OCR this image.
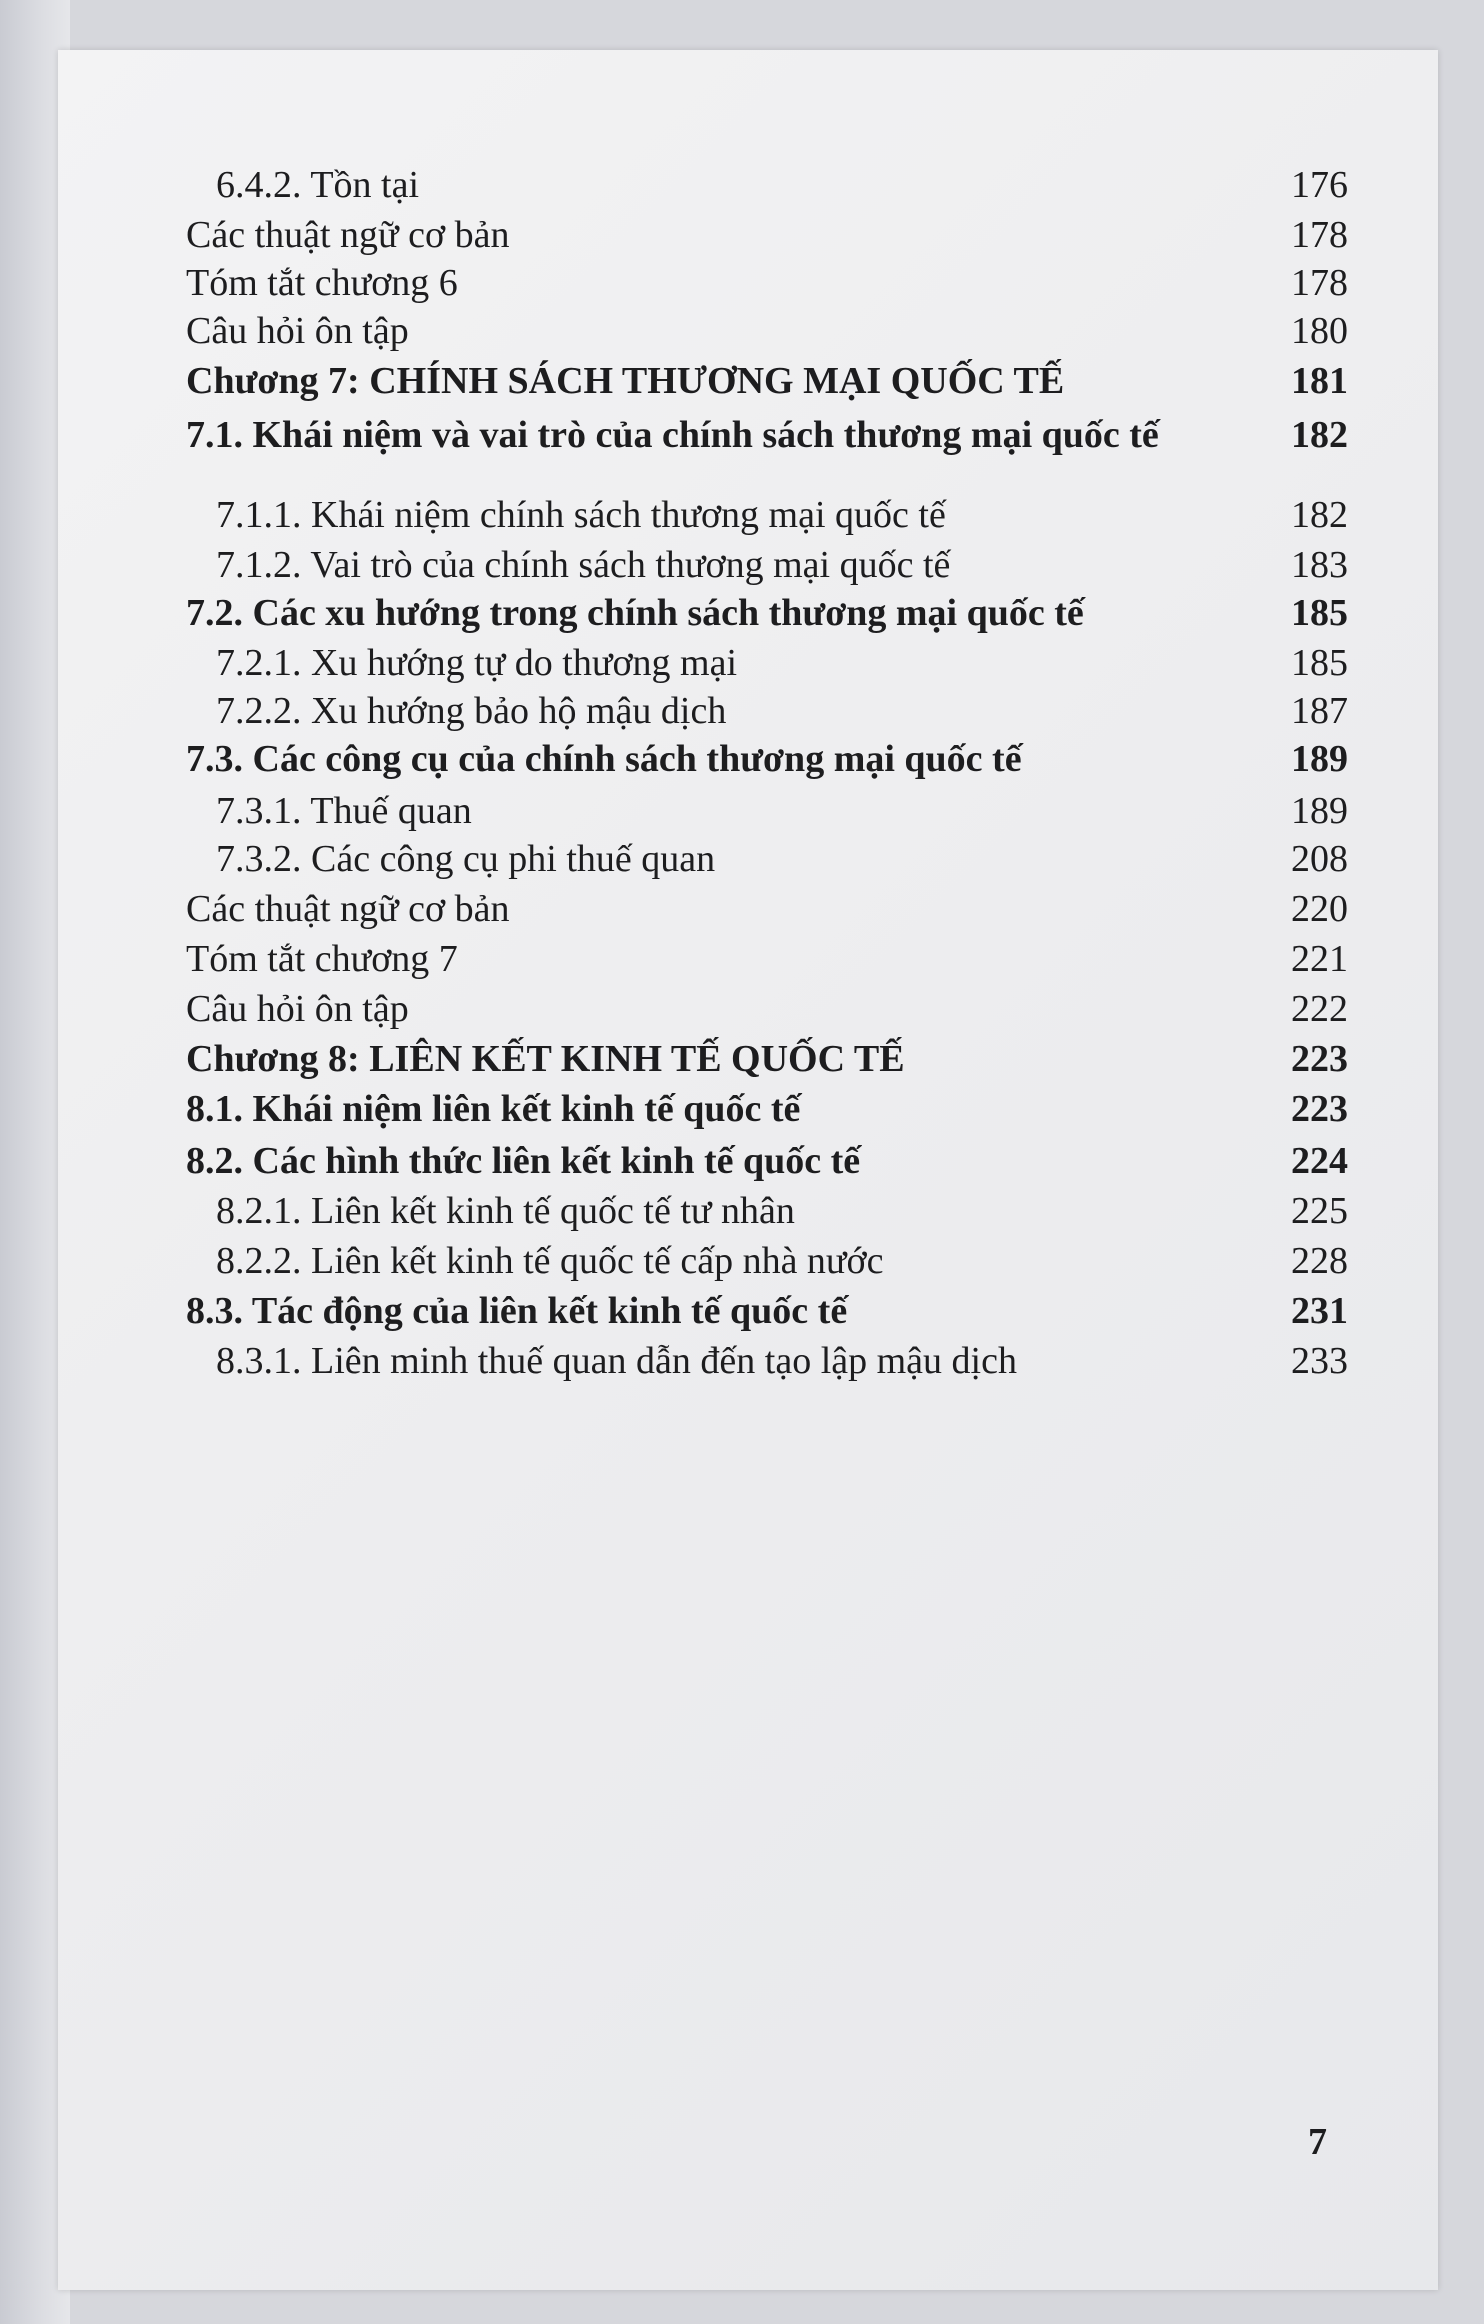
6.4.2. Tồn tại	176
Các thuật ngữ cơ bản	178
Tóm tắt chương 6	178
Câu hỏi ôn tập	180
Chương 7: CHÍNH SÁCH THƯƠNG MẠI QUỐC TẾ	181
7.1. Khái niệm và vai trò của chính sách thương mại quốc tế	182
7.1.1. Khái niệm chính sách thương mại quốc tế	182
7.1.2. Vai trò của chính sách thương mại quốc tế	183
7.2. Các xu hướng trong chính sách thương mại quốc tế	185
7.2.1. Xu hướng tự do thương mại	185
7.2.2. Xu hướng bảo hộ mậu dịch	187
7.3. Các công cụ của chính sách thương mại quốc tế	189
7.3.1. Thuế quan	189
7.3.2. Các công cụ phi thuế quan	208
Các thuật ngữ cơ bản	220
Tóm tắt chương 7	221
Câu hỏi ôn tập	222
Chương 8: LIÊN KẾT KINH TẾ QUỐC TẾ	223
8.1. Khái niệm liên kết kinh tế quốc tế	223
8.2. Các hình thức liên kết kinh tế quốc tế	224
8.2.1. Liên kết kinh tế quốc tế tư nhân	225
8.2.2. Liên kết kinh tế quốc tế cấp nhà nước	228
8.3. Tác động của liên kết kinh tế quốc tế	231
8.3.1. Liên minh thuế quan dẫn đến tạo lập mậu dịch	233
7
